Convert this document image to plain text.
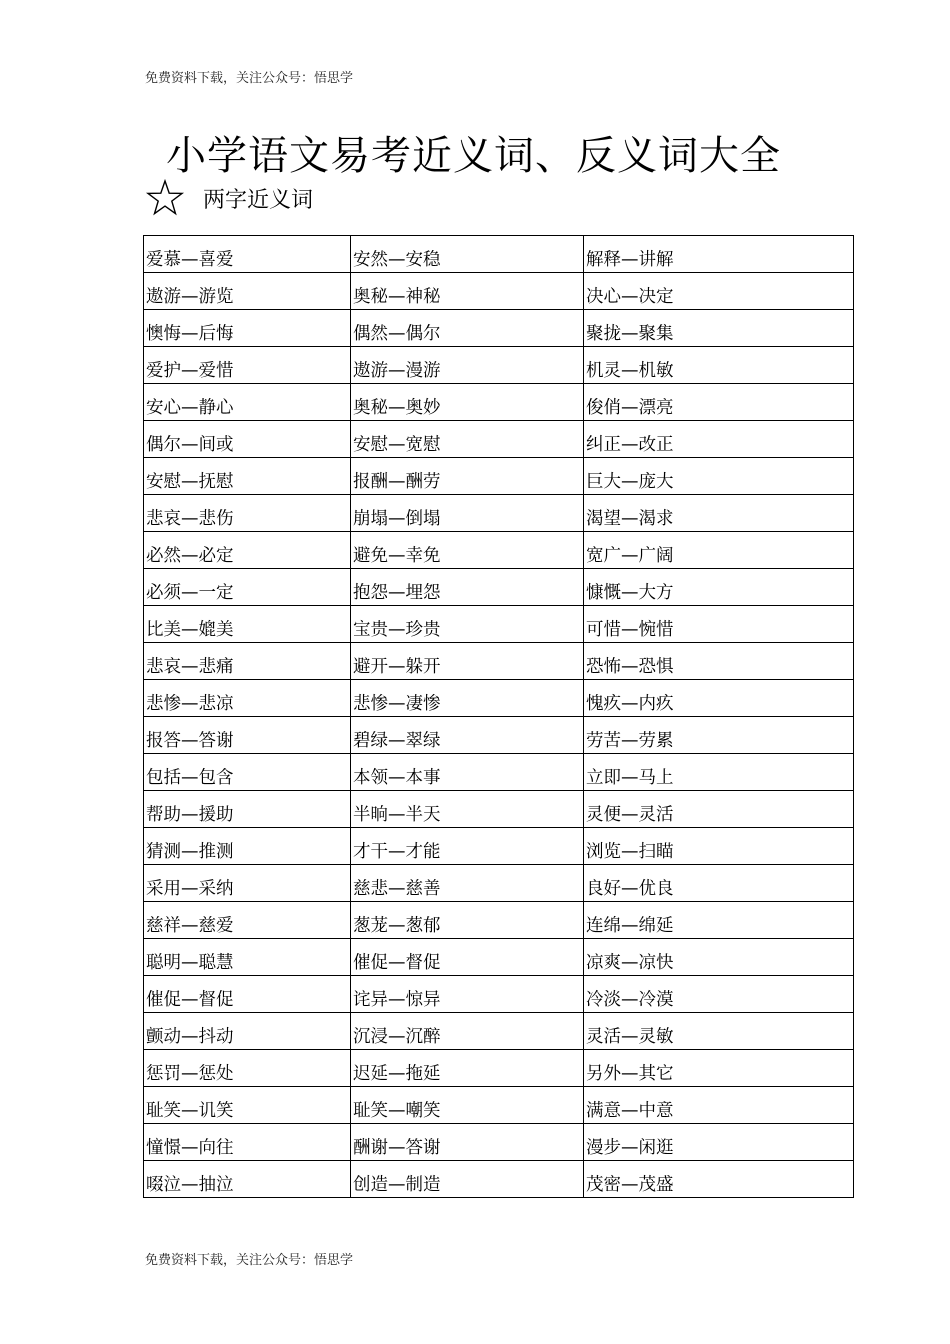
免费资料下载，关注公众号：悟思学
小学语文易考近义词、反义词大全
两字近义词
爱慕—喜爱	安然—安稳	解释—讲解
遨游—游览	奥秘—神秘	决心—决定
懊悔—后悔	偶然—偶尔	聚拢—聚集
爱护—爱惜	遨游—漫游	机灵—机敏
安心—静心	奥秘—奥妙	俊俏—漂亮
偶尔—间或	安慰—宽慰	纠正—改正
安慰—抚慰	报酬—酬劳	巨大—庞大
悲哀—悲伤	崩塌—倒塌	渴望—渴求
必然—必定	避免—幸免	宽广—广阔
必须—一定	抱怨—埋怨	慷慨—大方
比美—媲美	宝贵—珍贵	可惜—惋惜
悲哀—悲痛	避开—躲开	恐怖—恐惧
悲惨—悲凉	悲惨—凄惨	愧疚—内疚
报答—答谢	碧绿—翠绿	劳苦—劳累
包括—包含	本领—本事	立即—马上
帮助—援助	半晌—半天	灵便—灵活
猜测—推测	才干—才能	浏览—扫瞄
采用—采纳	慈悲—慈善	良好—优良
慈祥—慈爱	葱茏—葱郁	连绵—绵延
聪明—聪慧	催促—督促	凉爽—凉快
催促—督促	诧异—惊异	冷淡—冷漠
颤动—抖动	沉浸—沉醉	灵活—灵敏
惩罚—惩处	迟延—拖延	另外—其它
耻笑—讥笑	耻笑—嘲笑	满意—中意
憧憬—向往	酬谢—答谢	漫步—闲逛
啜泣—抽泣	创造—制造	茂密—茂盛
免费资料下载，关注公众号：悟思学
